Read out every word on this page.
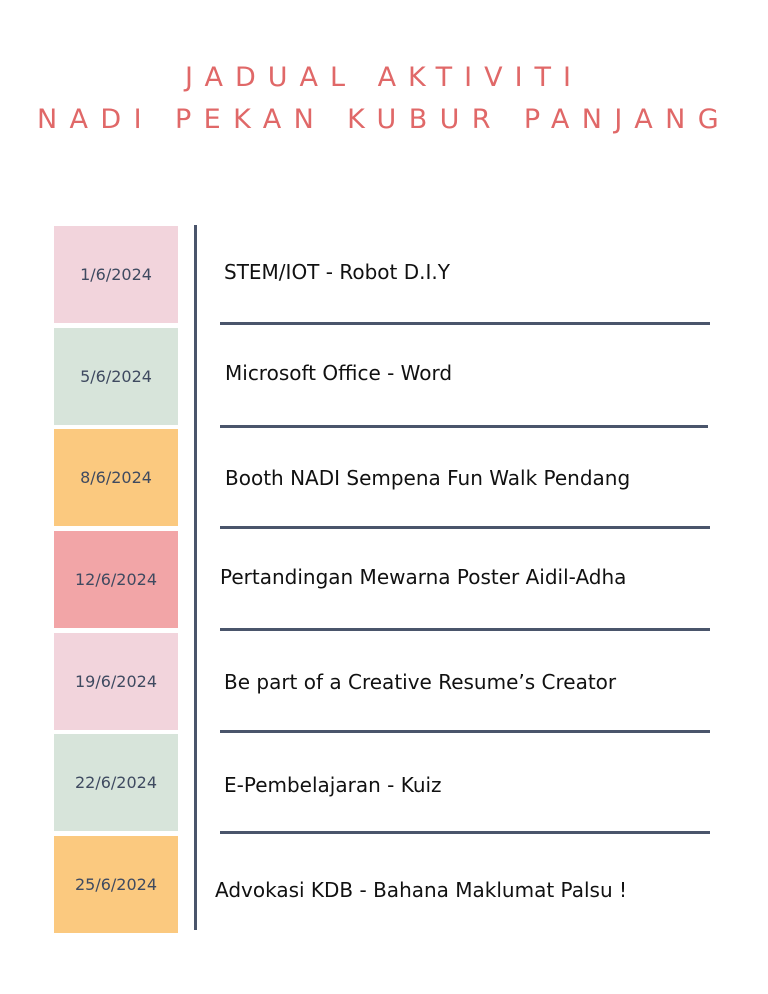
JADUAL AKTIVITI
NADI PEKAN KUBUR PANJANG
1/6/2024
5/6/2024
8/6/2024
12/6/2024
19/6/2024
22/6/2024
25/6/2024
STEM/IOT - Robot D.I.Y
Microsoft Office - Word
Booth NADI Sempena Fun Walk Pendang
Pertandingan Mewarna Poster Aidil-Adha
Be part of a Creative Resume’s Creator
E-Pembelajaran - Kuiz
Advokasi KDB - Bahana Maklumat Palsu !
